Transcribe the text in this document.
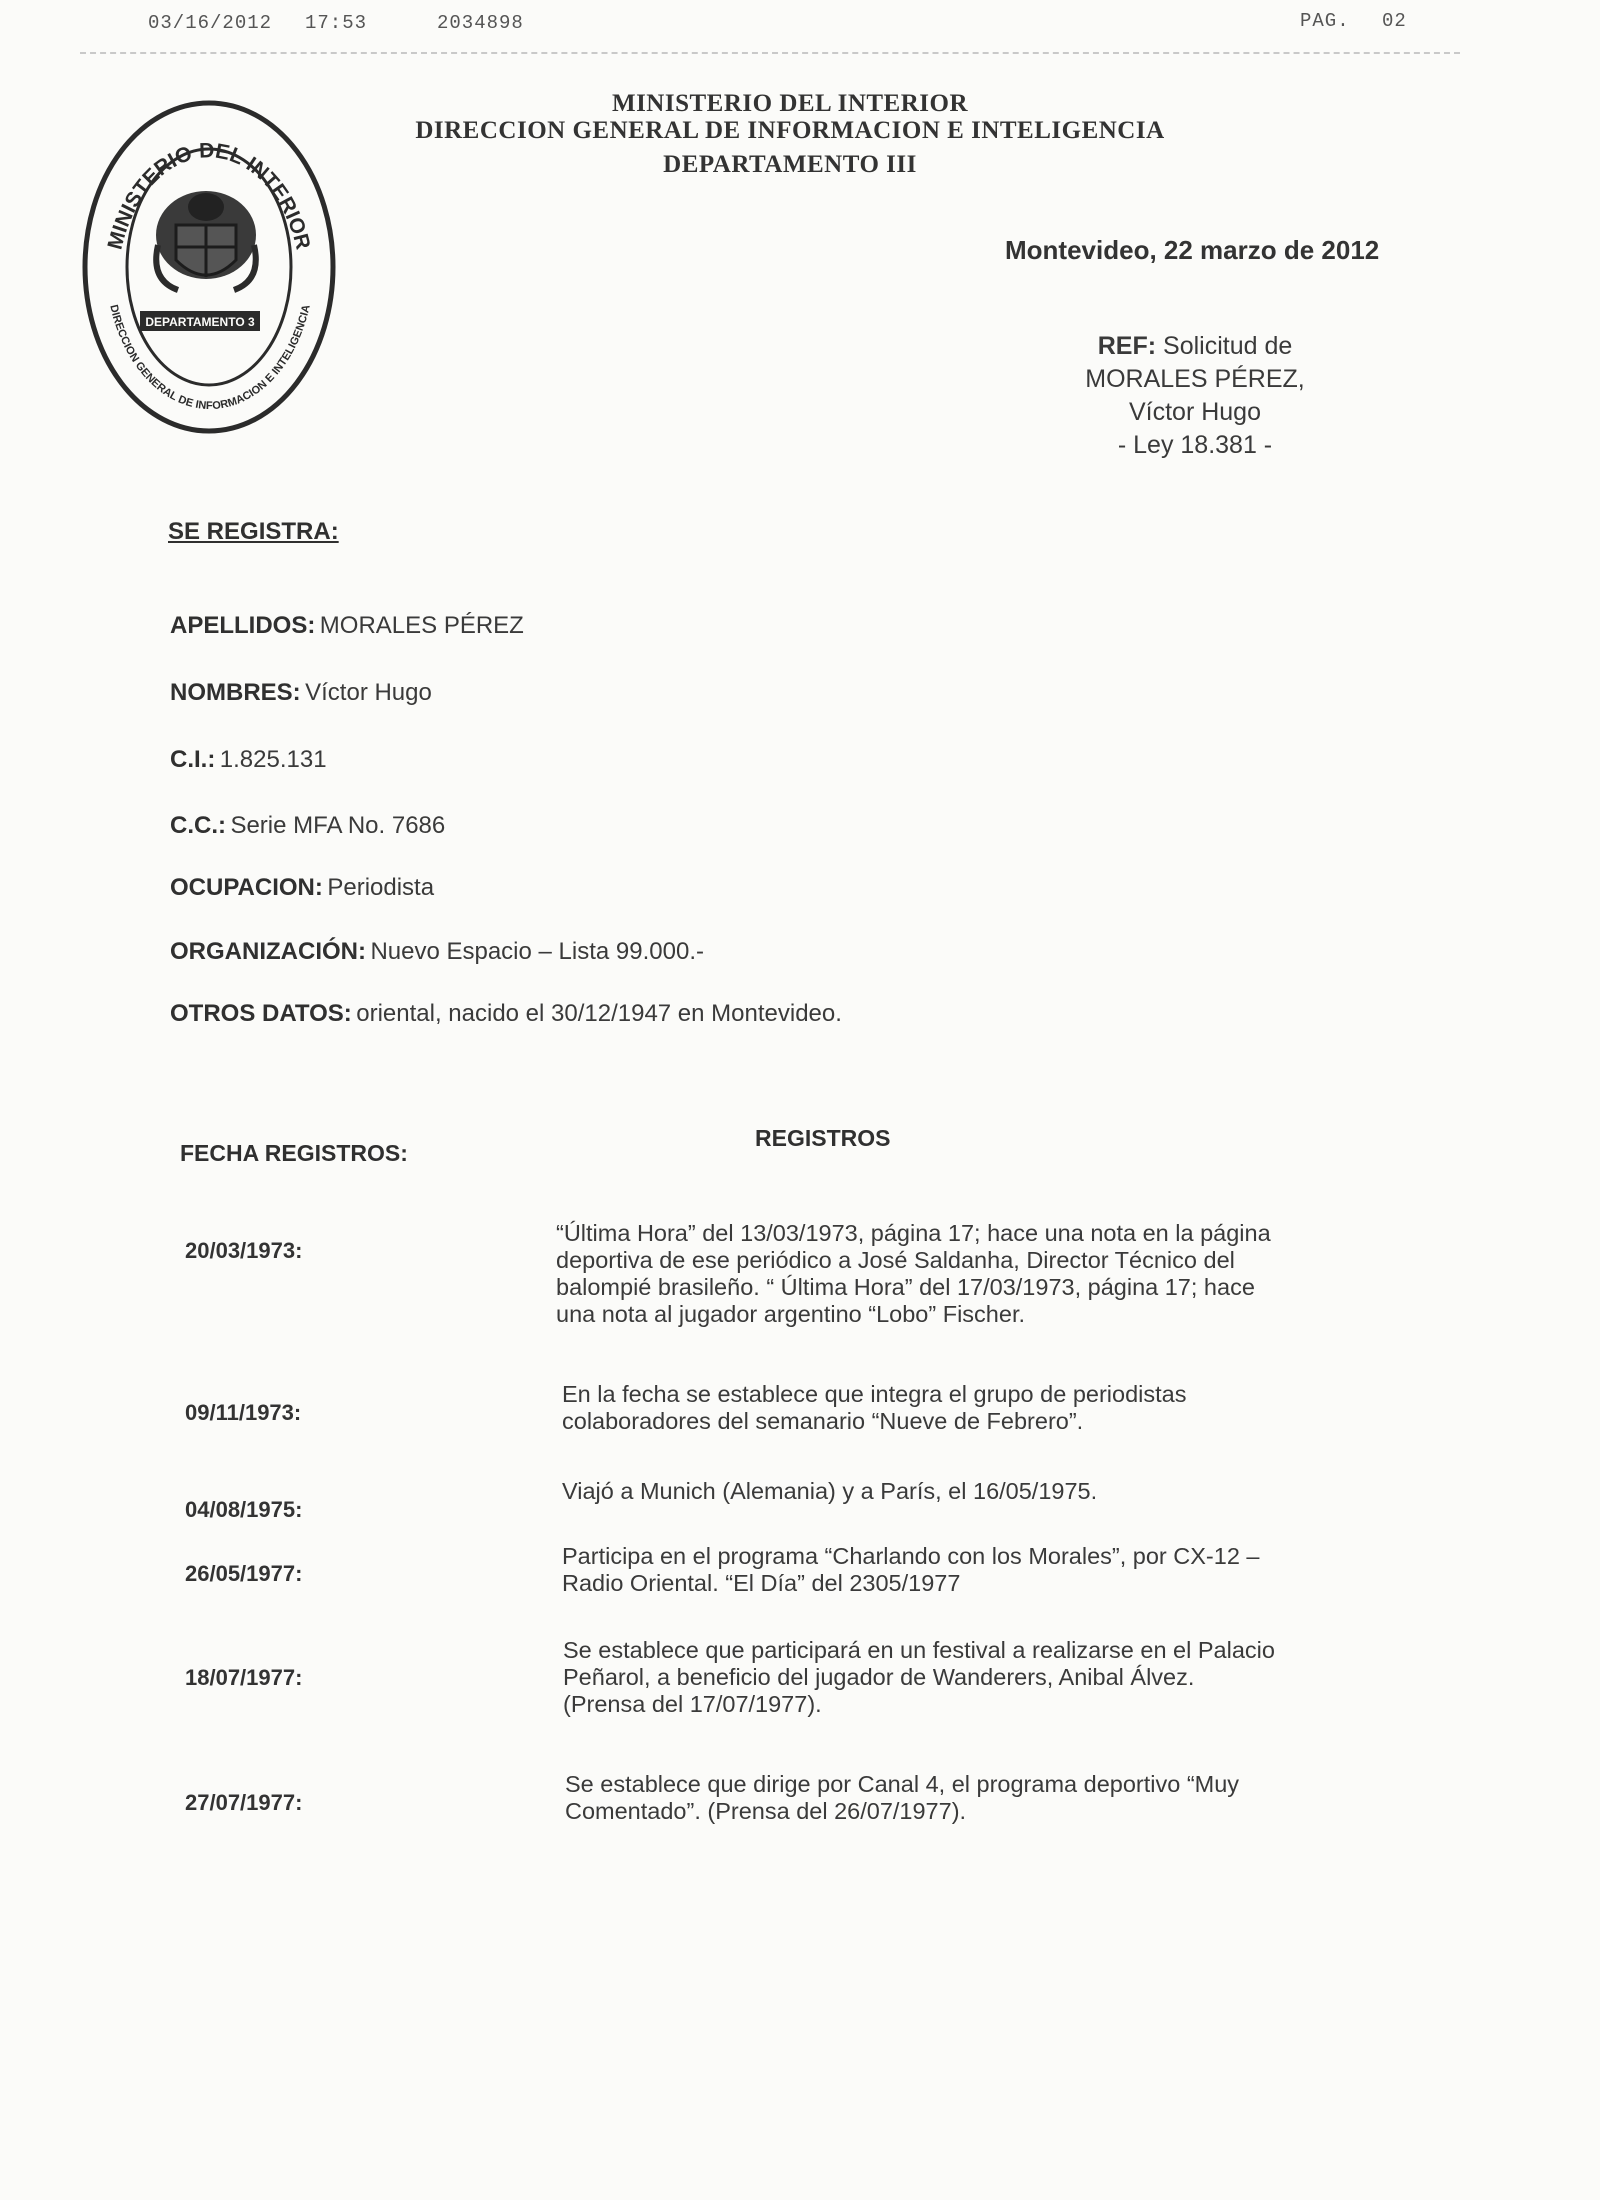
03/16/2012 17:53	2034898	PAG. 02
MINISTERIO DEL INTERIOR
DIRECCION GENERAL DE INFORMACION E INTELIGENCIA
DEPARTAMENTO III
MINISTERIO DEL INTERIOR
DIRECCION GENERAL DE INFORMACION E INTELIGENCIA
DEPARTAMENTO 3
Montevideo, 22 marzo de 2012
REF: Solicitud de
MORALES PÉREZ,
Víctor Hugo
- Ley 18.381 -
SE REGISTRA:
APELLIDOS: MORALES PÉREZ
NOMBRES: Víctor Hugo
C.I.: 1.825.131
C.C.: Serie MFA No. 7686
OCUPACION: Periodista
ORGANIZACIÓN: Nuevo Espacio – Lista 99.000.-
OTROS DATOS: oriental, nacido el 30/12/1947 en Montevideo.
FECHA REGISTROS:
REGISTROS
20/03/1973:
“Última Hora” del 13/03/1973, página 17; hace una nota en la página
deportiva de ese periódico a José Saldanha, Director Técnico del
balompié brasileño. “ Última Hora” del 17/03/1973, página 17; hace
una nota al jugador argentino “Lobo” Fischer.
09/11/1973:
En la fecha se establece que integra el grupo de periodistas
colaboradores del semanario “Nueve de Febrero”.
04/08/1975:
Viajó a Munich (Alemania) y a París, el 16/05/1975.
26/05/1977:
Participa en el programa “Charlando con los Morales”, por CX-12 –
Radio Oriental. “El Día” del 2305/1977
18/07/1977:
Se establece que participará en un festival a realizarse en el Palacio
Peñarol, a beneficio del jugador de Wanderers, Anibal Álvez.
(Prensa del 17/07/1977).
27/07/1977:
Se establece que dirige por Canal 4, el programa deportivo “Muy
Comentado”. (Prensa del 26/07/1977).
